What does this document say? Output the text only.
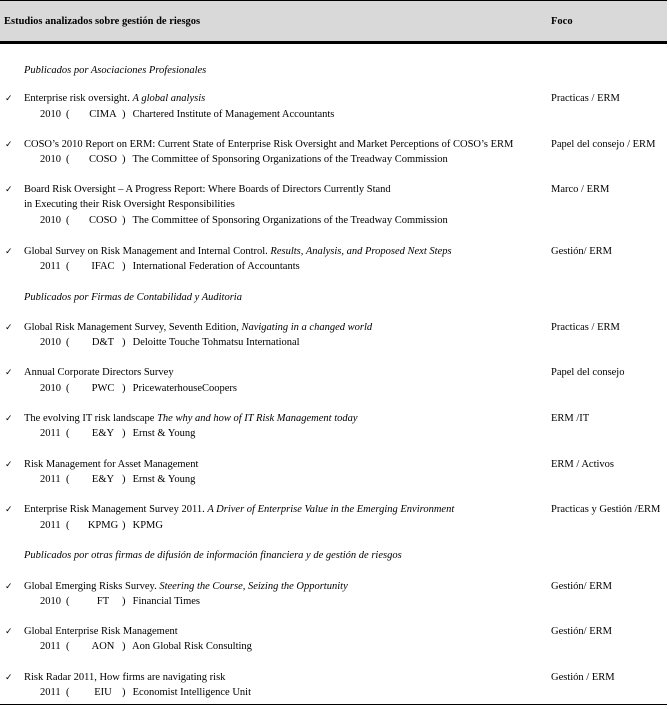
Estudios analizados sobre gestión de riesgos	Foco
Publicados por Asociaciones Profesionales
✓ Enterprise risk oversight. A global analysis
2010 ( CIMA ) Chartered Institute of Management Accountants
Practicas / ERM
✓ COSO’s 2010 Report on ERM: Current State of Enterprise Risk Oversight and Market Perceptions of COSO’s ERM
2010 ( COSO ) The Committee of Sponsoring Organizations of the Treadway Commission
Papel del consejo / ERM
✓ Board Risk Oversight – A Progress Report: Where Boards of Directors Currently Stand
in Executing their Risk Oversight Responsibilities
2010 ( COSO ) The Committee of Sponsoring Organizations of the Treadway Commission
Marco / ERM
✓ Global Survey on Risk Management and Internal Control. Results, Analysis, and Proposed Next Steps
2011 ( IFAC ) International Federation of Accountants
Gestión/ ERM
Publicados por Firmas de Contabilidad y Auditoria
✓ Global Risk Management Survey, Seventh Edition, Navigating in a changed world
2010 ( D&T ) Deloitte Touche Tohmatsu International
Practicas / ERM
✓ Annual Corporate Directors Survey
2010 ( PWC ) PricewaterhouseCoopers
Papel del consejo
✓ The evolving IT risk landscape The why and how of IT Risk Management today
2011 ( E&Y ) Ernst & Young
ERM /IT
✓ Risk Management for Asset Management
2011 ( E&Y ) Ernst & Young
ERM / Activos
✓ Enterprise Risk Management Survey 2011. A Driver of Enterprise Value in the Emerging Environment
2011 ( KPMG ) KPMG
Practicas y Gestión /ERM
Publicados por otras firmas de difusión de información financiera y de gestión de riesgos
✓ Global Emerging Risks Survey. Steering the Course, Seizing the Opportunity
2010 (	FT ) Financial Times
Gestión/ ERM
✓ Global Enterprise Risk Management
2011 ( AON ) Aon Global Risk Consulting
Gestión/ ERM
✓ Risk Radar 2011, How firms are navigating risk
2011 ( EIU ) Economist Intelligence Unit
Gestión / ERM
